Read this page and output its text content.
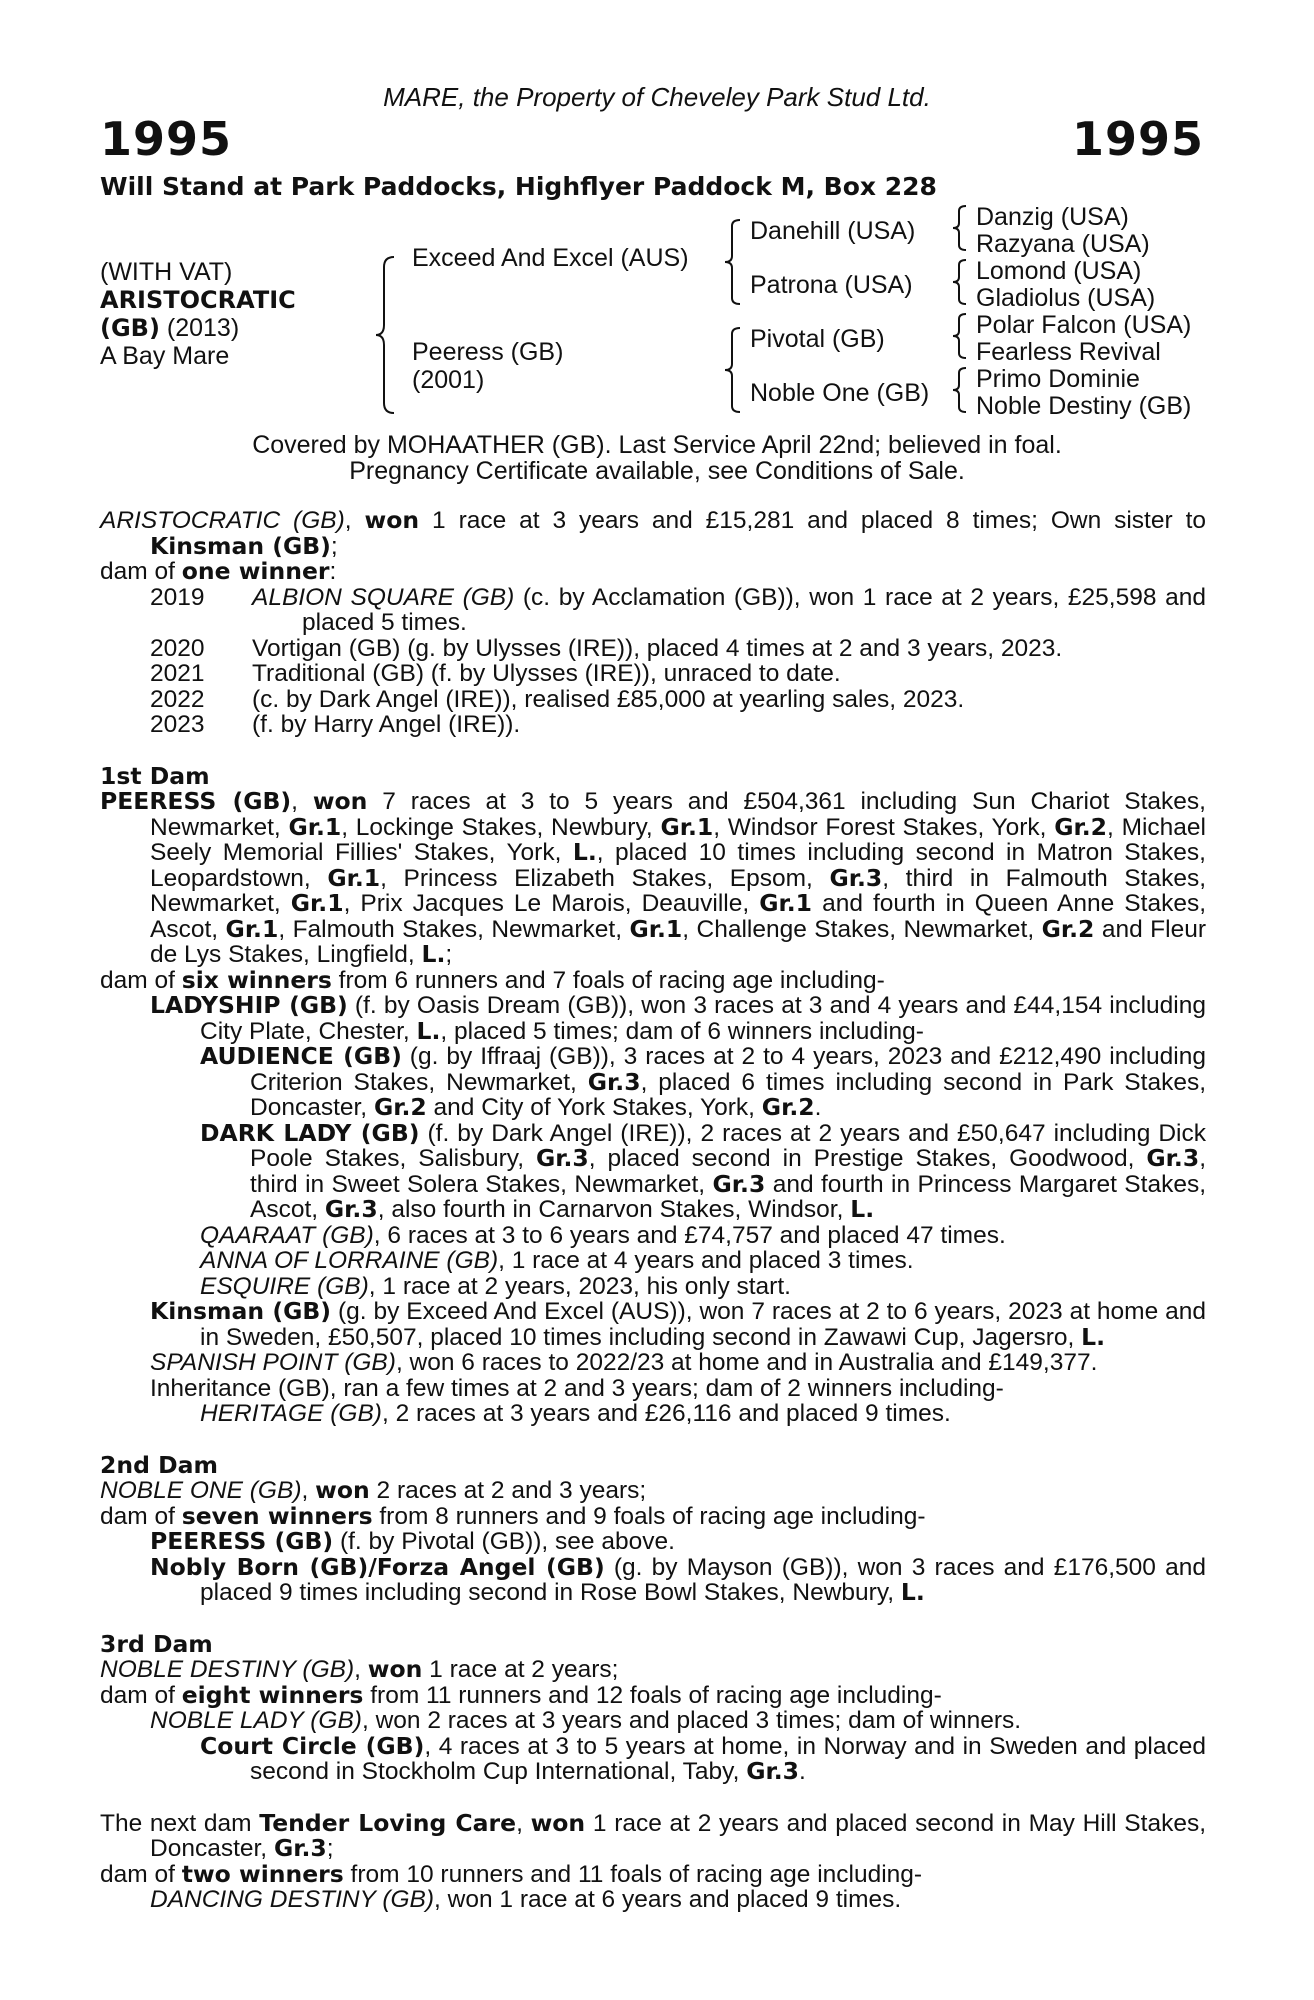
MARE, the Property of Cheveley Park Stud Ltd.
1995	1995
Will Stand at Park Paddocks, Highflyer Paddock M, Box 228
(WITH VAT)
ARISTOCRATIC
(GB) (2013)
A Bay Mare
Exceed And Excel (AUS)
Peeress (GB)
(2001)
Danehill (USA)
Patrona (USA)
Pivotal (GB)
Noble One (GB)
Danzig (USA)
Razyana (USA)
Lomond (USA)
Gladiolus (USA)
Polar Falcon (USA)
Fearless Revival
Primo Dominie
Noble Destiny (GB)
Covered by MOHAATHER (GB). Last Service April 22nd; believed in foal.
Pregnancy Certificate available, see Conditions of Sale.

ARISTOCRATIC (GB), won 1 race at 3 years and £15,281 and placed 8 times; Own sister to Kinsman (GB);

dam of one winner:

2019	ALBION SQUARE (GB) (c. by Acclamation (GB)), won 1 race at 2 years, £25,598 and placed 5 times.
2020	Vortigan (GB) (g. by Ulysses (IRE)), placed 4 times at 2 and 3 years, 2023.
2021	Traditional (GB) (f. by Ulysses (IRE)), unraced to date.
2022	(c. by Dark Angel (IRE)), realised £85,000 at yearling sales, 2023.
2023	(f. by Harry Angel (IRE)).

1st Dam

PEERESS (GB), won 7 races at 3 to 5 years and £504,361 including Sun Chariot Stakes, Newmarket, Gr.1, Lockinge Stakes, Newbury, Gr.1, Windsor Forest Stakes, York, Gr.2, Michael Seely Memorial Fillies' Stakes, York, L., placed 10 times including second in Matron Stakes, Leopardstown, Gr.1, Princess Elizabeth Stakes, Epsom, Gr.3, third in Falmouth Stakes, Newmarket, Gr.1, Prix Jacques Le Marois, Deauville, Gr.1 and fourth in Queen Anne Stakes, Ascot, Gr.1, Falmouth Stakes, Newmarket, Gr.1, Challenge Stakes, Newmarket, Gr.2 and Fleur de Lys Stakes, Lingfield, L.;

dam of six winners from 6 runners and 7 foals of racing age including-

LADYSHIP (GB) (f. by Oasis Dream (GB)), won 3 races at 3 and 4 years and £44,154 including City Plate, Chester, L., placed 5 times; dam of 6 winners including-

AUDIENCE (GB) (g. by Iffraaj (GB)), 3 races at 2 to 4 years, 2023 and £212,490 including Criterion Stakes, Newmarket, Gr.3, placed 6 times including second in Park Stakes, Doncaster, Gr.2 and City of York Stakes, York, Gr.2.

DARK LADY (GB) (f. by Dark Angel (IRE)), 2 races at 2 years and £50,647 including Dick Poole Stakes, Salisbury, Gr.3, placed second in Prestige Stakes, Goodwood, Gr.3, third in Sweet Solera Stakes, Newmarket, Gr.3 and fourth in Princess Margaret Stakes, Ascot, Gr.3, also fourth in Carnarvon Stakes, Windsor, L.

QAARAAT (GB), 6 races at 3 to 6 years and £74,757 and placed 47 times.

ANNA OF LORRAINE (GB), 1 race at 4 years and placed 3 times.

ESQUIRE (GB), 1 race at 2 years, 2023, his only start.

Kinsman (GB) (g. by Exceed And Excel (AUS)), won 7 races at 2 to 6 years, 2023 at home and in Sweden, £50,507, placed 10 times including second in Zawawi Cup, Jagersro, L.

SPANISH POINT (GB), won 6 races to 2022/23 at home and in Australia and £149,377.

Inheritance (GB), ran a few times at 2 and 3 years; dam of 2 winners including-

HERITAGE (GB), 2 races at 3 years and £26,116 and placed 9 times.

2nd Dam

NOBLE ONE (GB), won 2 races at 2 and 3 years;

dam of seven winners from 8 runners and 9 foals of racing age including-

PEERESS (GB) (f. by Pivotal (GB)), see above.

Nobly Born (GB)/Forza Angel (GB) (g. by Mayson (GB)), won 3 races and £176,500 and placed 9 times including second in Rose Bowl Stakes, Newbury, L.

3rd Dam

NOBLE DESTINY (GB), won 1 race at 2 years;

dam of eight winners from 11 runners and 12 foals of racing age including-

NOBLE LADY (GB), won 2 races at 3 years and placed 3 times; dam of winners.

Court Circle (GB), 4 races at 3 to 5 years at home, in Norway and in Sweden and placed second in Stockholm Cup International, Taby, Gr.3.

The next dam Tender Loving Care, won 1 race at 2 years and placed second in May Hill Stakes, Doncaster, Gr.3;

dam of two winners from 10 runners and 11 foals of racing age including-

DANCING DESTINY (GB), won 1 race at 6 years and placed 9 times.
